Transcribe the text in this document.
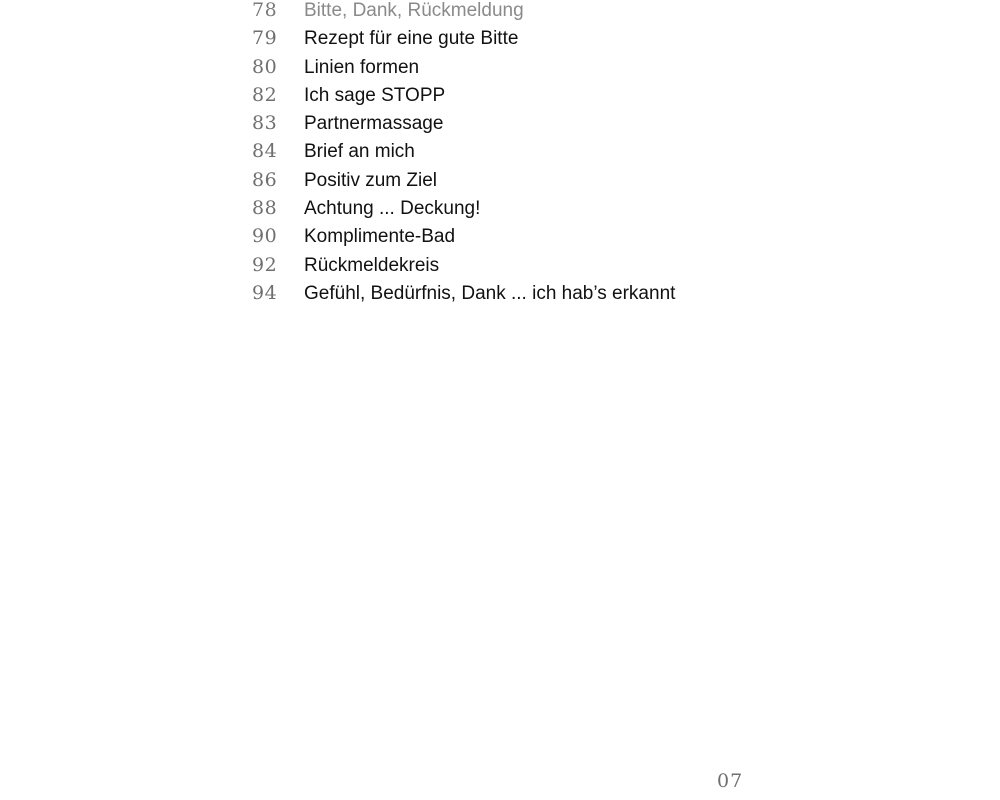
78	Bitte, Dank, Rückmeldung
79	Rezept für eine gute Bitte
80	Linien formen
82	Ich sage STOPP
83	Partnermassage
84	Brief an mich
86	Positiv zum Ziel
88	Achtung ... Deckung!
90	Komplimente-Bad
92	Rückmeldekreis
94	Gefühl, Bedürfnis, Dank ... ich hab’s erkannt
07
